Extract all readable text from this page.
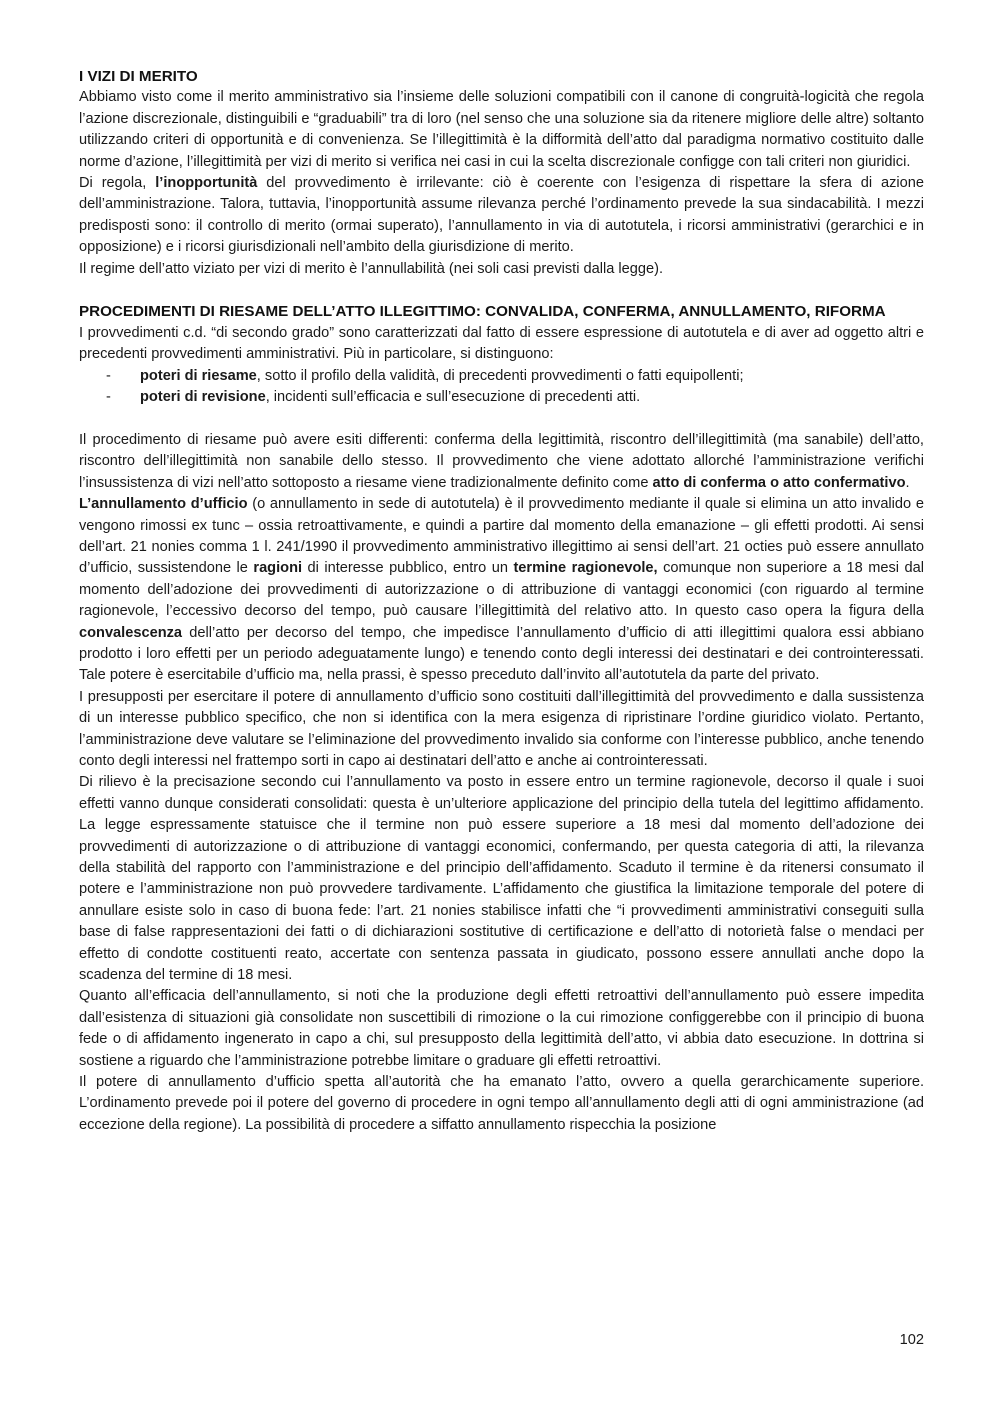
I VIZI DI MERITO

Abbiamo visto come il merito amministrativo sia l’insieme delle soluzioni compatibili con il canone di congruità-logicità che regola l’azione discrezionale, distinguibili e “graduabili” tra di loro (nel senso che una soluzione sia da ritenere migliore delle altre) soltanto utilizzando criteri di opportunità e di convenienza. Se l’illegittimità è la difformità dell’atto dal paradigma normativo costituito dalle norme d’azione, l’illegittimità per vizi di merito si verifica nei casi in cui la scelta discrezionale configge con tali criteri non giuridici.

Di regola, l’inopportunità del provvedimento è irrilevante: ciò è coerente con l’esigenza di rispettare la sfera di azione dell’amministrazione. Talora, tuttavia, l’inopportunità assume rilevanza perché l’ordinamento prevede la sua sindacabilità. I mezzi predisposti sono: il controllo di merito (ormai superato), l’annullamento in via di autotutela, i ricorsi amministrativi (gerarchici e in opposizione) e i ricorsi giurisdizionali nell’ambito della giurisdizione di merito.

Il regime dell’atto viziato per vizi di merito è l’annullabilità (nei soli casi previsti dalla legge).

PROCEDIMENTI DI RIESAME DELL’ATTO ILLEGITTIMO: CONVALIDA, CONFERMA, ANNULLAMENTO, RIFORMA

I provvedimenti c.d. “di secondo grado” sono caratterizzati dal fatto di essere espressione di autotutela e di aver ad oggetto altri e precedenti provvedimenti amministrativi. Più in particolare, si distinguono:

- poteri di riesame, sotto il profilo della validità, di precedenti provvedimenti o fatti equipollenti;
- poteri di revisione, incidenti sull’efficacia e sull’esecuzione di precedenti atti.

Il procedimento di riesame può avere esiti differenti: conferma della legittimità, riscontro dell’illegittimità (ma sanabile) dell’atto, riscontro dell’illegittimità non sanabile dello stesso. Il provvedimento che viene adottato allorché l’amministrazione verifichi l’insussistenza di vizi nell’atto sottoposto a riesame viene tradizionalmente definito come atto di conferma o atto confermativo.

L’annullamento d’ufficio (o annullamento in sede di autotutela) è il provvedimento mediante il quale si elimina un atto invalido e vengono rimossi ex tunc – ossia retroattivamente, e quindi a partire dal momento della emanazione – gli effetti prodotti. Ai sensi dell’art. 21 nonies comma 1 l. 241/1990 il provvedimento amministrativo illegittimo ai sensi dell’art. 21 octies può essere annullato d’ufficio, sussistendone le ragioni di interesse pubblico, entro un termine ragionevole, comunque non superiore a 18 mesi dal momento dell’adozione dei provvedimenti di autorizzazione o di attribuzione di vantaggi economici (con riguardo al termine ragionevole, l’eccessivo decorso del tempo, può causare l’illegittimità del relativo atto. In questo caso opera la figura della convalescenza dell’atto per decorso del tempo, che impedisce l’annullamento d’ufficio di atti illegittimi qualora essi abbiano prodotto i loro effetti per un periodo adeguatamente lungo) e tenendo conto degli interessi dei destinatari e dei controinteressati. Tale potere è esercitabile d’ufficio ma, nella prassi, è spesso preceduto dall’invito all’autotutela da parte del privato.

I presupposti per esercitare il potere di annullamento d’ufficio sono costituiti dall’illegittimità del provvedimento e dalla sussistenza di un interesse pubblico specifico, che non si identifica con la mera esigenza di ripristinare l’ordine giuridico violato. Pertanto, l’amministrazione deve valutare se l’eliminazione del provvedimento invalido sia conforme con l’interesse pubblico, anche tenendo conto degli interessi nel frattempo sorti in capo ai destinatari dell’atto e anche ai controinteressati.

Di rilievo è la precisazione secondo cui l’annullamento va posto in essere entro un termine ragionevole, decorso il quale i suoi effetti vanno dunque considerati consolidati: questa è un’ulteriore applicazione del principio della tutela del legittimo affidamento. La legge espressamente statuisce che il termine non può essere superiore a 18 mesi dal momento dell’adozione dei provvedimenti di autorizzazione o di attribuzione di vantaggi economici, confermando, per questa categoria di atti, la rilevanza della stabilità del rapporto con l’amministrazione e del principio dell’affidamento. Scaduto il termine è da ritenersi consumato il potere e l’amministrazione non può provvedere tardivamente. L’affidamento che giustifica la limitazione temporale del potere di annullare esiste solo in caso di buona fede: l’art. 21 nonies stabilisce infatti che “i provvedimenti amministrativi conseguiti sulla base di false rappresentazioni dei fatti o di dichiarazioni sostitutive di certificazione e dell’atto di notorietà false o mendaci per effetto di condotte costituenti reato, accertate con sentenza passata in giudicato, possono essere annullati anche dopo la scadenza del termine di 18 mesi.

Quanto all’efficacia dell’annullamento, si noti che la produzione degli effetti retroattivi dell’annullamento può essere impedita dall’esistenza di situazioni già consolidate non suscettibili di rimozione o la cui rimozione configgerebbe con il principio di buona fede o di affidamento ingenerato in capo a chi, sul presupposto della legittimità dell’atto, vi abbia dato esecuzione. In dottrina si sostiene a riguardo che l’amministrazione potrebbe limitare o graduare gli effetti retroattivi.

Il potere di annullamento d’ufficio spetta all’autorità che ha emanato l’atto, ovvero a quella gerarchicamente superiore. L’ordinamento prevede poi il potere del governo di procedere in ogni tempo all’annullamento degli atti di ogni amministrazione (ad eccezione della regione). La possibilità di procedere a siffatto annullamento rispecchia la posizione

102
